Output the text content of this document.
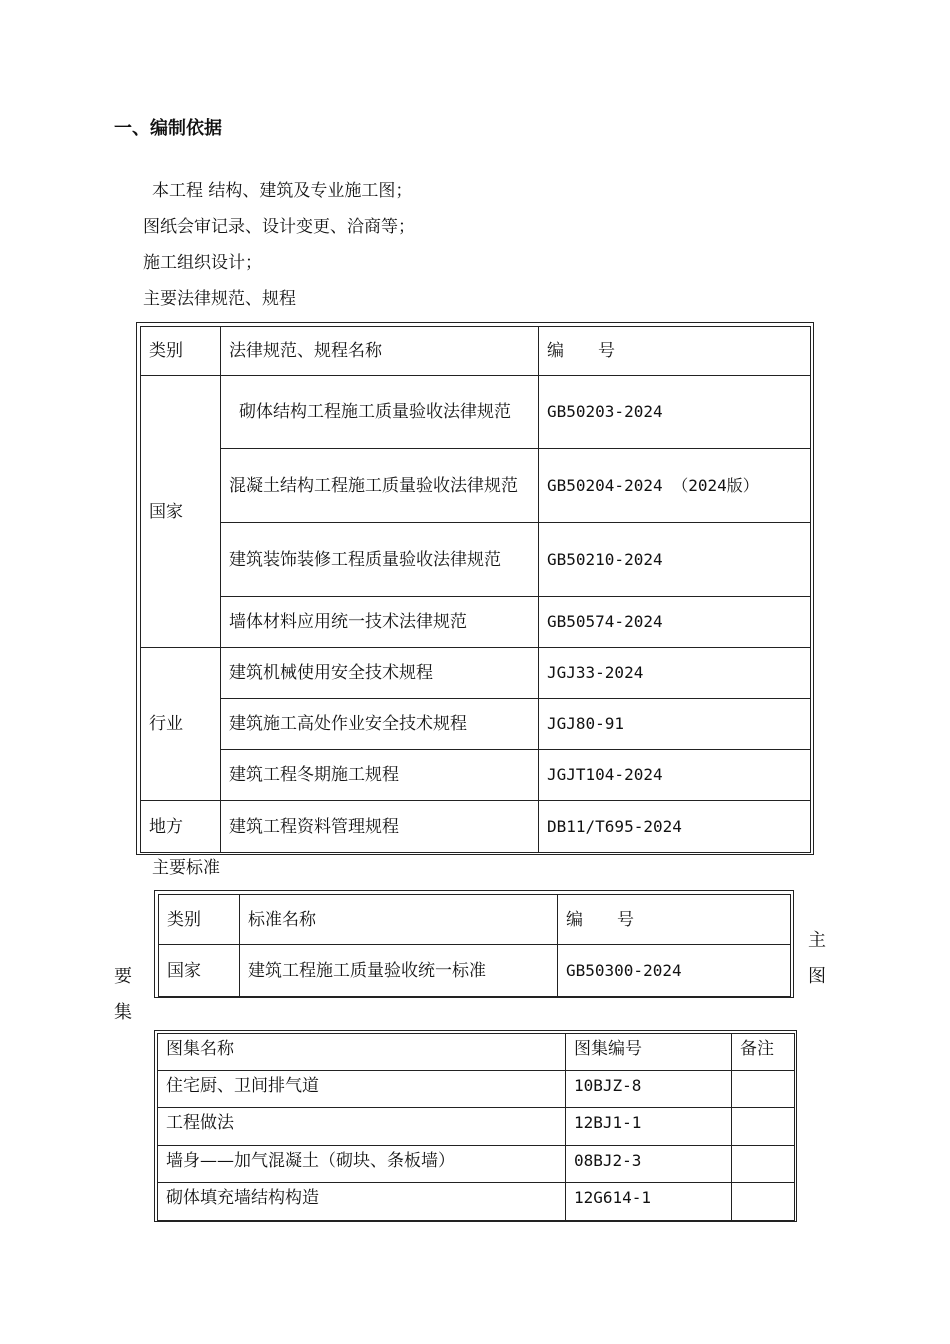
一、编制依据
本工程 结构、建筑及专业施工图；
图纸会审记录、设计变更、洽商等；
施工组织设计；
主要法律规范、规程
类别	法律规范、规程名称	编　　号
国家	砌体结构工程施工质量验收法律规范	GB50203-2024
	混凝土结构工程施工质量验收法律规范	GB50204-2024 （2024版）
	建筑装饰装修工程质量验收法律规范	GB50210-2024
	墙体材料应用统一技术法律规范	GB50574-2024
行业	建筑机械使用安全技术规程	JGJ33-2024
	建筑施工高处作业安全技术规程	JGJ80-91
	建筑工程冬期施工规程	JGJT104-2024
地方	建筑工程资料管理规程	DB11/T695-2024
主要标准
类别	标准名称	编　　号
国家	建筑工程施工质量验收统一标准	GB50300-2024
主
图
要
集
图集名称	图集编号	备注
住宅厨、卫间排气道	10BJZ-8	
工程做法	12BJ1-1	
墙身——加气混凝土（砌块、条板墙）	08BJ2-3	
砌体填充墙结构构造	12G614-1	
